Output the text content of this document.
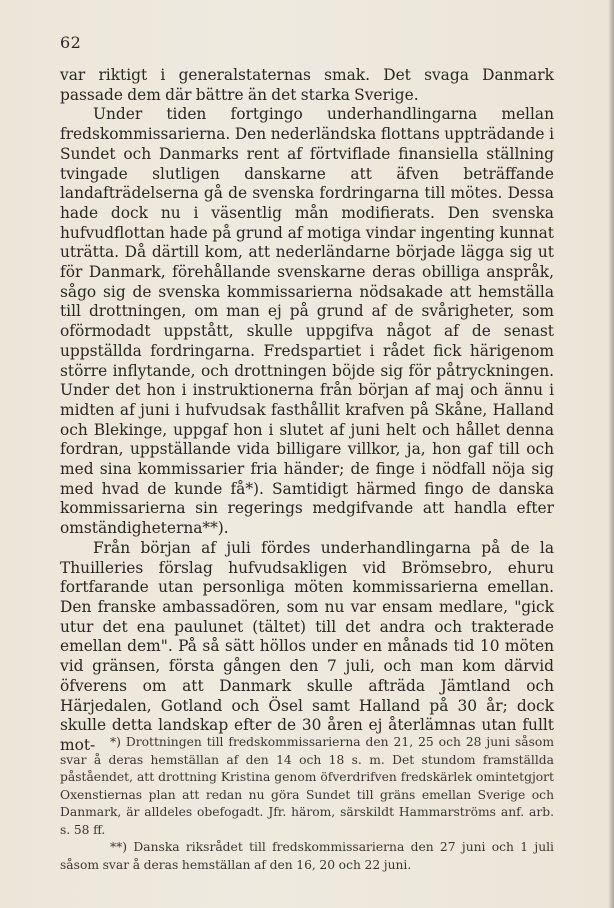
62

var riktigt i generalstaternas smak. Det svaga Danmark passade dem där bättre än det starka Sverige.

Under tiden fortgingo underhandlingarna mellan fredskommissarierna. Den nederländska flottans uppträdande i Sundet och Danmarks rent af förtviflade finansiella ställning tvingade slutligen danskarne att äfven beträffande landafträdelserna gå de svenska fordringarna till mötes. Dessa hade dock nu i väsentlig mån modifierats. Den svenska hufvudflottan hade på grund af motiga vindar ingenting kunnat uträtta. Då därtill kom, att nederländarne började lägga sig ut för Danmark, förehållande svenskarne deras obilliga anspråk, sågo sig de svenska kommissarierna nödsakade att hemställa till drottningen, om man ej på grund af de svårigheter, som oförmodadt uppstått, skulle uppgifva något af de senast uppställda fordringarna. Fredspartiet i rådet fick härigenom större inflytande, och drottningen böjde sig för påtryckningen. Under det hon i instruktionerna från början af maj och ännu i midten af juni i hufvudsak fasthållit krafven på Skåne, Halland och Blekinge, uppgaf hon i slutet af juni helt och hållet denna fordran, uppställande vida billigare villkor, ja, hon gaf till och med sina kommissarier fria händer; de finge i nödfall nöja sig med hvad de kunde få*). Samtidigt härmed fingo de danska kommissarierna sin regerings medgifvande att handla efter omständigheterna**).

Från början af juli fördes underhandlingarna på de la Thuilleries förslag hufvudsakligen vid Brömsebro, ehuru fortfarande utan personliga möten kommissarierna emellan. Den franske ambassadören, som nu var ensam medlare, "gick utur det ena paulunet (tältet) till det andra och trakterade emellan dem". På så sätt höllos under en månads tid 10 möten vid gränsen, första gången den 7 juli, och man kom därvid öfverens om att Danmark skulle afträda Jämtland och Härjedalen, Gotland och Ösel samt Halland på 30 år; dock skulle detta landskap efter de 30 åren ej återlämnas utan fullt mot-	*) Drottningen till fredskommissarierna den 21, 25 och 28 juni såsom svar å deras hemställan af den 14 och 18 s. m. Det stundom framställda påståendet, att drottning Kristina genom öfverdrifven fredskärlek omintetgjort Oxenstiernas plan att redan nu göra Sundet till gräns emellan Sverige och Danmark, är alldeles obefogadt. Jfr. härom, särskildt Hammarströms anf. arb. s. 58 ff.

**) Danska riksrådet till fredskommissarierna den 27 juni och 1 juli såsom svar å deras hemställan af den 16, 20 och 22 juni.
